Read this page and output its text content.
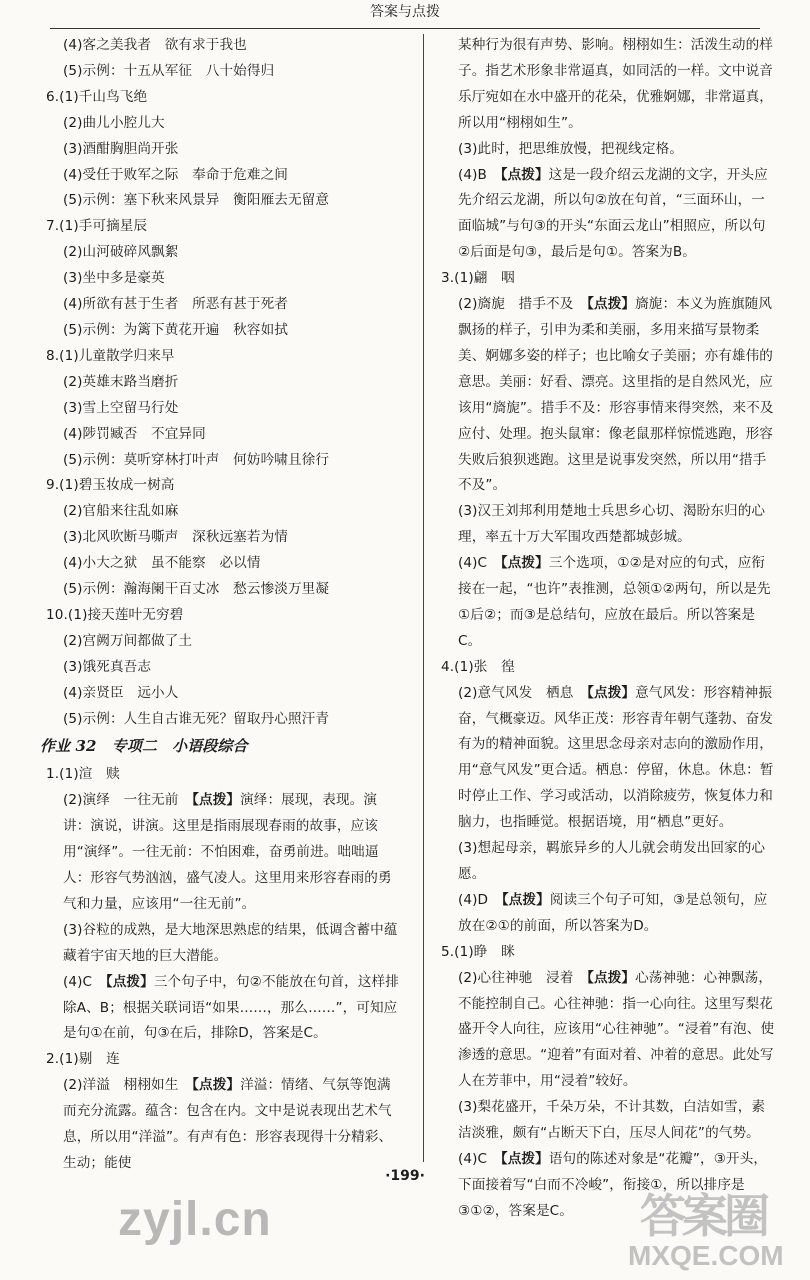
答案与点拨

(4)客之美我者　欲有求于我也

(5)示例：十五从军征　八十始得归

6.(1)千山鸟飞绝

(2)曲儿小腔儿大

(3)酒酣胸胆尚开张

(4)受任于败军之际　奉命于危难之间

(5)示例：塞下秋来风景异　衡阳雁去无留意

7.(1)手可摘星辰

(2)山河破碎风飘絮

(3)坐中多是豪英

(4)所欲有甚于生者　所恶有甚于死者

(5)示例：为篱下黄花开遍　秋容如拭

8.(1)儿童散学归来早

(2)英雄末路当磨折

(3)雪上空留马行处

(4)陟罚臧否　不宜异同

(5)示例：莫听穿林打叶声　何妨吟啸且徐行

9.(1)碧玉妆成一树高

(2)官船来往乱如麻

(3)北风吹断马嘶声　深秋远塞若为情

(4)小大之狱　虽不能察　必以情

(5)示例：瀚海阑干百丈冰　愁云惨淡万里凝

10.(1)接天莲叶无穷碧

(2)宫阙万间都做了土

(3)饿死真吾志

(4)亲贤臣　远小人

(5)示例：人生自古谁无死？留取丹心照汗青

作业 32　专项二　小语段综合

1.(1)渲　赎

(2)演绎　一往无前　【点拨】演绎：展现，表现。演讲：演说，讲演。这里是指雨展现春雨的故事，应该用“演绎”。一往无前：不怕困难，奋勇前进。咄咄逼人：形容气势汹汹，盛气凌人。这里用来形容春雨的勇气和力量，应该用“一往无前”。

(3)谷粒的成熟，是大地深思熟虑的结果，低调含蓄中蕴藏着宇宙天地的巨大潜能。

(4)C　【点拨】三个句子中，句②不能放在句首，这样排除A、B；根据关联词语“如果……，那么……”，可知应是句①在前，句③在后，排除D，答案是C。

2.(1)剔　连

(2)洋溢　栩栩如生　【点拨】洋溢：情绪、气氛等饱满而充分流露。蕴含：包含在内。文中是说表现出艺术气息，所以用“洋溢”。有声有色：形容表现得十分精彩、生动；能使

某种行为很有声势、影响。栩栩如生：活泼生动的样子。指艺术形象非常逼真，如同活的一样。文中说音乐厅宛如在水中盛开的花朵，优雅婀娜，非常逼真，所以用“栩栩如生”。

(3)此时，把思维放慢，把视线定格。

(4)B　【点拨】这是一段介绍云龙湖的文字，开头应先介绍云龙湖，所以句②放在句首，“三面环山，一面临城”与句③的开头“东面云龙山”相照应，所以句②后面是句③，最后是句①。答案为B。

3.(1)翩　咽

(2)旖旎　措手不及　【点拨】旖旎：本义为旌旗随风飘扬的样子，引申为柔和美丽，多用来描写景物柔美、婀娜多姿的样子；也比喻女子美丽；亦有雄伟的意思。美丽：好看、漂亮。这里指的是自然风光，应该用“旖旎”。措手不及：形容事情来得突然，来不及应付、处理。抱头鼠窜：像老鼠那样惊慌逃跑，形容失败后狼狈逃跑。这里是说事发突然，所以用“措手不及”。

(3)汉王刘邦利用楚地士兵思乡心切、渴盼东归的心理，率五十万大军围攻西楚都城彭城。

(4)C　【点拨】三个选项，①②是对应的句式，应衔接在一起，“也许”表推测，总领①②两句，所以是先①后②；而③是总结句，应放在最后。所以答案是C。

4.(1)张　徨

(2)意气风发　栖息　【点拨】意气风发：形容精神振奋，气概豪迈。风华正茂：形容青年朝气蓬勃、奋发有为的精神面貌。这里思念母亲对志向的激励作用，用“意气风发”更合适。栖息：停留，休息。休息：暂时停止工作、学习或活动，以消除疲劳，恢复体力和脑力，也指睡觉。根据语境，用“栖息”更好。

(3)想起母亲，羁旅异乡的人儿就会萌发出回家的心愿。

(4)D　【点拨】阅读三个句子可知，③是总领句，应放在②①的前面，所以答案为D。

5.(1)睁　眯

(2)心往神驰　浸着　【点拨】心荡神驰：心神飘荡，不能控制自己。心往神驰：指一心向往。这里写梨花盛开令人向往，应该用“心往神驰”。“浸着”有泡、使渗透的意思。“迎着”有面对着、冲着的意思。此处写人在芳菲中，用“浸着”较好。

(3)梨花盛开，千朵万朵，不计其数，白洁如雪，素洁淡雅，颇有“占断天下白，压尽人间花”的气势。

(4)C　【点拨】语句的陈述对象是“花瓣”，③开头，下面接着写“白而不冷峻”，衔接①，所以排序是③①②，答案是C。

·199·
zyjl.cn	答案圈
MXQE.COM
